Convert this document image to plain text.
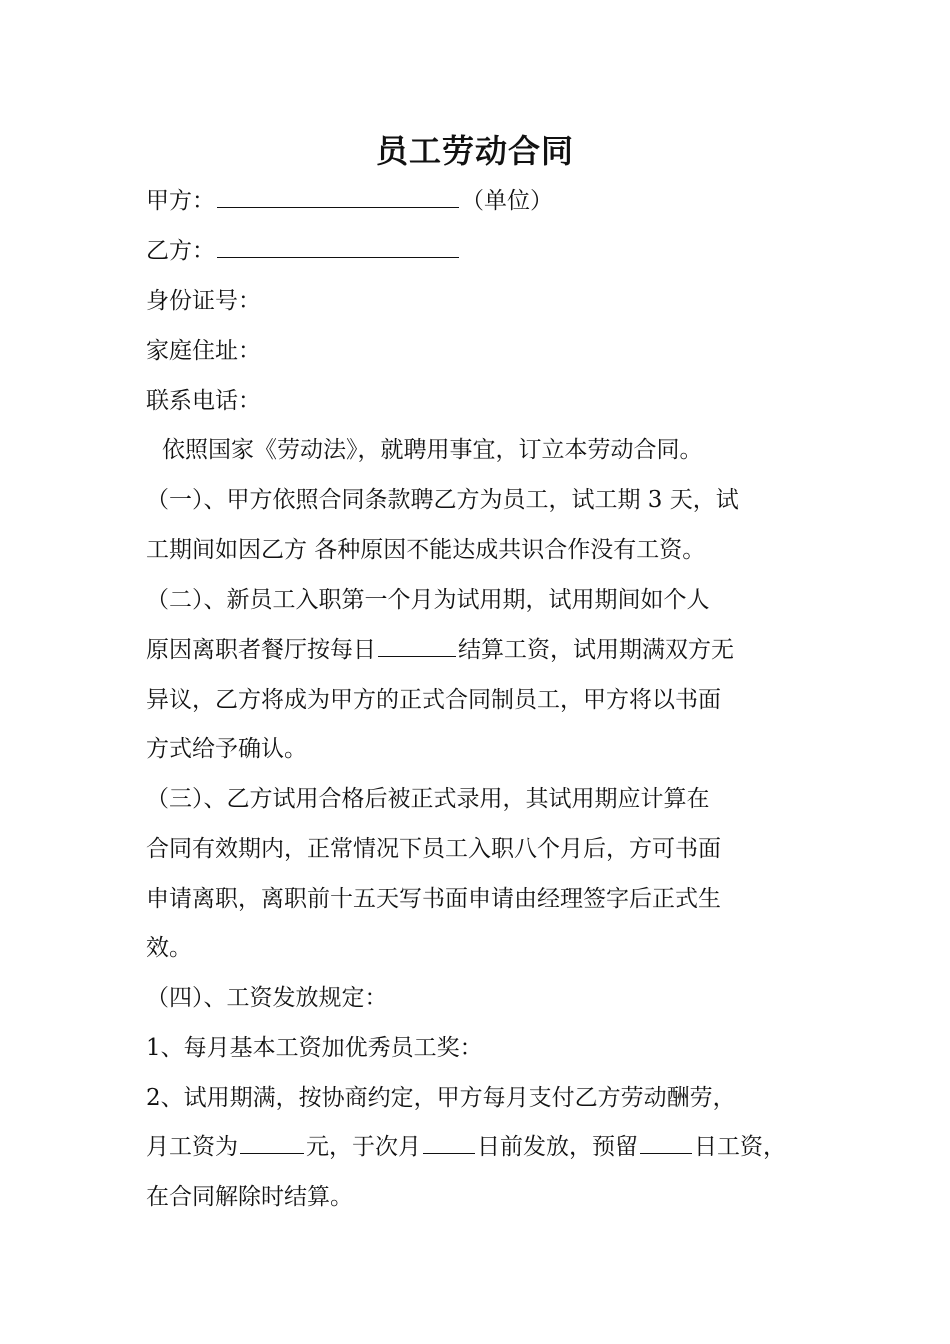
员工劳动合同
甲方：	（单位）
乙方：
身份证号：
家庭住址：
联系电话：
依照国家《劳动法》，就聘用事宜，订立本劳动合同。
（一）、甲方依照合同条款聘乙方为员工，试工期 3 天，试
工期间如因乙方 各种原因不能达成共识合作没有工资。
（二）、新员工入职第一个月为试用期，试用期间如个人
原因离职者餐厅按每日	结算工资，试用期满双方无
异议，乙方将成为甲方的正式合同制员工，甲方将以书面
方式给予确认。
（三）、乙方试用合格后被正式录用，其试用期应计算在
合同有效期内，正常情况下员工入职八个月后，方可书面
申请离职，离职前十五天写书面申请由经理签字后正式生
效。
（四）、工资发放规定：
1、每月基本工资加优秀员工奖：
2、试用期满，按协商约定，甲方每月支付乙方劳动酬劳，
月工资为	元，于次月 日前发放，预留 日工资，
在合同解除时结算。
